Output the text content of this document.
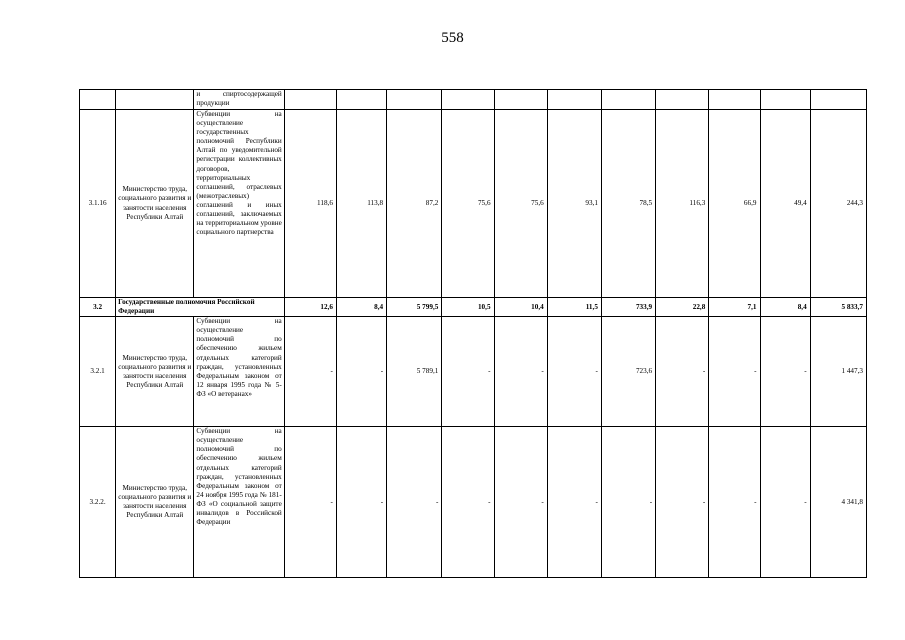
558
		и спиртосодержащей продукции											
3.1.16	Министерство труда, социального развития и занятости населения Республики Алтай	Субвенции на осуществление государственных полномочий Республики Алтай по уведомительной регистрации коллективных договоров, территориальных соглашений, отраслевых (межотраслевых) соглашений и иных соглашений, заключаемых на территориальном уровне социального партнерства	118,6	113,8	87,2	75,6	75,6	93,1	78,5	116,3	66,9	49,4	244,3
3.2	Государственные полномочия Российской Федерации		12,6	8,4	5 799,5	10,5	10,4	11,5	733,9	22,8	7,1	8,4	5 833,7
3.2.1	Министерство труда, социального развития и занятости населения Республики Алтай	Субвенции на осуществление полномочий по обеспечению жильем отдельных категорий граждан, установленных Федеральным законом от 12 января 1995 года № 5-ФЗ «О ветеранах»	-	-	5 789,1	-	-	-	723,6	-	-	-	1 447,3
3.2.2.	Министерство труда, социального развития и занятости населения Республики Алтай	Субвенции на осуществление полномочий по обеспечению жильем отдельных категорий граждан, установленных Федеральным законом от 24 ноября 1995 года № 181-ФЗ «О социальной защите инвалидов в Российской Федерации	-	-	-	-	-	-	-	-	-	-	4 341,8
